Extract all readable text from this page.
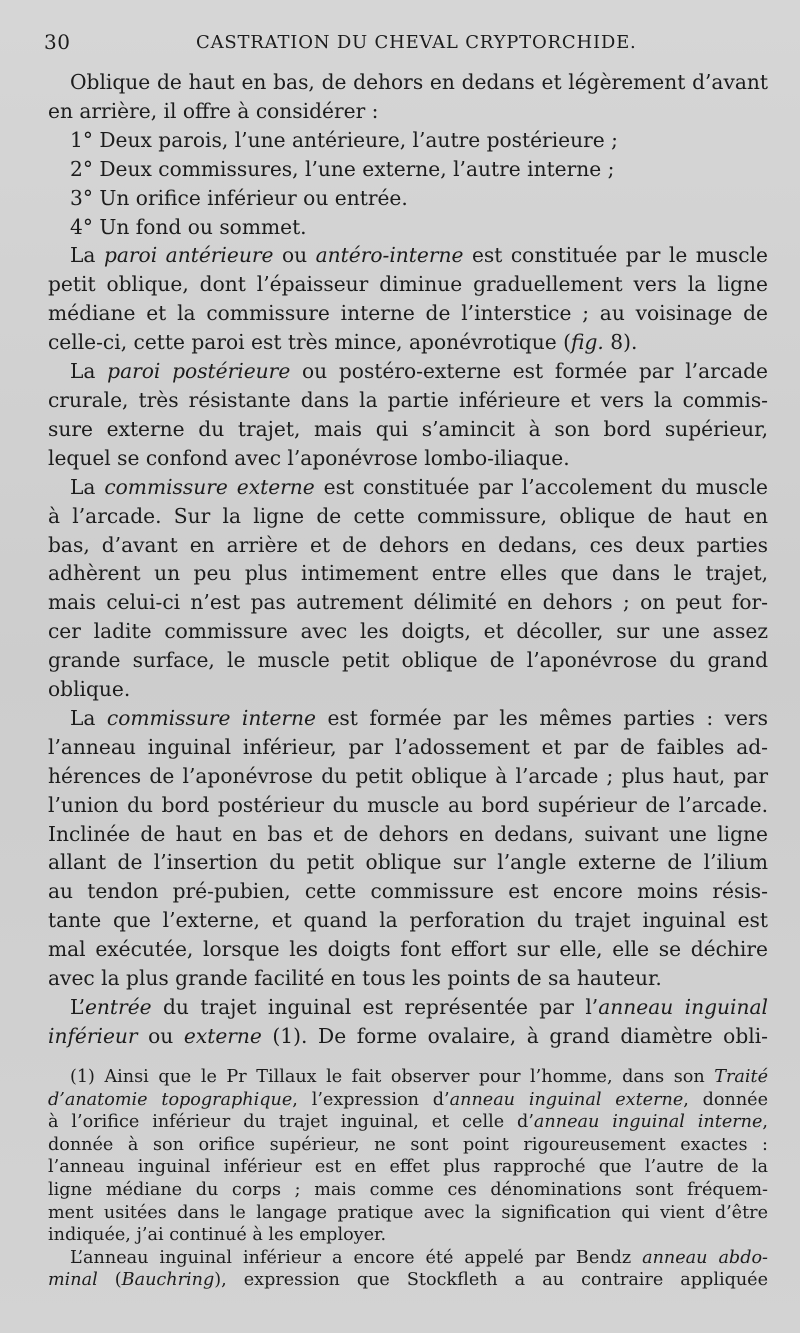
30	CASTRATION DU CHEVAL CRYPTORCHIDE.
Oblique de haut en bas, de dehors en dedans et légèrement d’avant
en arrière, il offre à considérer :
1° Deux parois, l’une antérieure, l’autre postérieure ;
2° Deux commissures, l’une externe, l’autre interne ;
3° Un orifice inférieur ou entrée.
4° Un fond ou sommet.
La paroi antérieure ou antéro-interne est constituée par le muscle
petit oblique, dont l’épaisseur diminue graduellement vers la ligne
médiane et la commissure interne de l’interstice ; au voisinage de
celle-ci, cette paroi est très mince, aponévrotique (fig. 8).
La paroi postérieure ou postéro-externe est formée par l’arcade
crurale, très résistante dans la partie inférieure et vers la commis-
sure externe du trajet, mais qui s’amincit à son bord supérieur,
lequel se confond avec l’aponévrose lombo-iliaque.
La commissure externe est constituée par l’accolement du muscle
à l’arcade. Sur la ligne de cette commissure, oblique de haut en
bas, d’avant en arrière et de dehors en dedans, ces deux parties
adhèrent un peu plus intimement entre elles que dans le trajet,
mais celui-ci n’est pas autrement délimité en dehors ; on peut for-
cer ladite commissure avec les doigts, et décoller, sur une assez
grande surface, le muscle petit oblique de l’aponévrose du grand
oblique.
La commissure interne est formée par les mêmes parties : vers
l’anneau inguinal inférieur, par l’adossement et par de faibles ad-
hérences de l’aponévrose du petit oblique à l’arcade ; plus haut, par
l’union du bord postérieur du muscle au bord supérieur de l’arcade.
Inclinée de haut en bas et de dehors en dedans, suivant une ligne
allant de l’insertion du petit oblique sur l’angle externe de l’ilium
au tendon pré-pubien, cette commissure est encore moins résis-
tante que l’externe, et quand la perforation du trajet inguinal est
mal exécutée, lorsque les doigts font effort sur elle, elle se déchire
avec la plus grande facilité en tous les points de sa hauteur.
L’entrée du trajet inguinal est représentée par l’anneau inguinal
inférieur ou externe (1). De forme ovalaire, à grand diamètre obli-
(1) Ainsi que le Pr Tillaux le fait observer pour l’homme, dans son Traité
d’anatomie topographique, l’expression d’anneau inguinal externe, donnée
à l’orifice inférieur du trajet inguinal, et celle d’anneau inguinal interne,
donnée à son orifice supérieur, ne sont point rigoureusement exactes :
l’anneau inguinal inférieur est en effet plus rapproché que l’autre de la
ligne médiane du corps ; mais comme ces dénominations sont fréquem-
ment usitées dans le langage pratique avec la signification qui vient d’être
indiquée, j’ai continué à les employer.
L’anneau inguinal inférieur a encore été appelé par Bendz anneau abdo-
minal (Bauchring), expression que Stockfleth a au contraire appliquée
